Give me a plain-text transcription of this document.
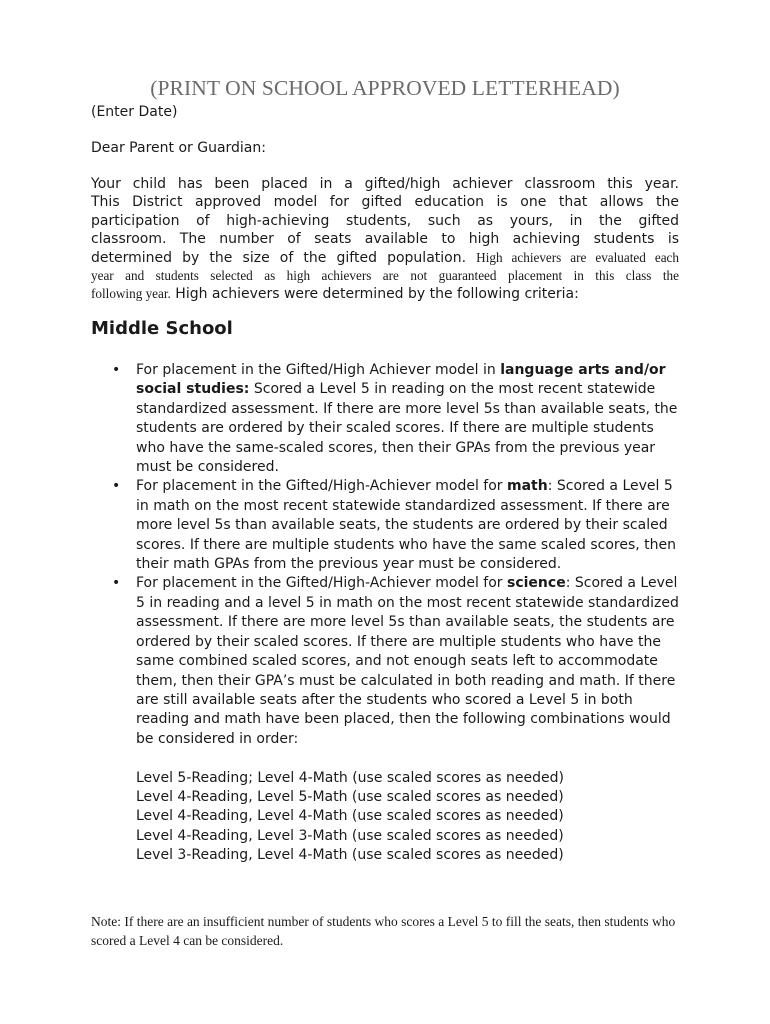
(PRINT ON SCHOOL APPROVED LETTERHEAD)
(Enter Date)
Dear Parent or Guardian:
Your child has been placed in a gifted/high achiever classroom this year.
This District approved model for gifted education is one that allows the
participation of high-achieving students, such as yours, in the gifted
classroom. The number of seats available to high achieving students is
determined by the size of the gifted population. High achievers are evaluated each
year and students selected as high achievers are not guaranteed placement in this class the
following year. High achievers were determined by the following criteria:
Middle School
• For placement in the Gifted/High Achiever model in language arts and/or social studies: Scored a Level 5 in reading on the most recent statewide standardized assessment. If there are more level 5s than available seats, the students are ordered by their scaled scores. If there are multiple students who have the same-scaled scores, then their GPAs from the previous year must be considered.
• For placement in the Gifted/High-Achiever model for math: Scored a Level 5 in math on the most recent statewide standardized assessment. If there are more level 5s than available seats, the students are ordered by their scaled scores. If there are multiple students who have the same scaled scores, then their math GPAs from the previous year must be considered.
• For placement in the Gifted/High-Achiever model for science: Scored a Level 5 in reading and a level 5 in math on the most recent statewide standardized assessment. If there are more level 5s than available seats, the students are ordered by their scaled scores. If there are multiple students who have the same combined scaled scores, and not enough seats left to accommodate them, then their GPA’s must be calculated in both reading and math. If there are still available seats after the students who scored a Level 5 in both reading and math have been placed, then the following combinations would be considered in order:
Level 5-Reading; Level 4-Math (use scaled scores as needed)
Level 4-Reading, Level 5-Math (use scaled scores as needed)
Level 4-Reading, Level 4-Math (use scaled scores as needed)
Level 4-Reading, Level 3-Math (use scaled scores as needed)
Level 3-Reading, Level 4-Math (use scaled scores as needed)
Note: If there are an insufficient number of students who scores a Level 5 to fill the seats, then students who scored a Level 4 can be considered.
